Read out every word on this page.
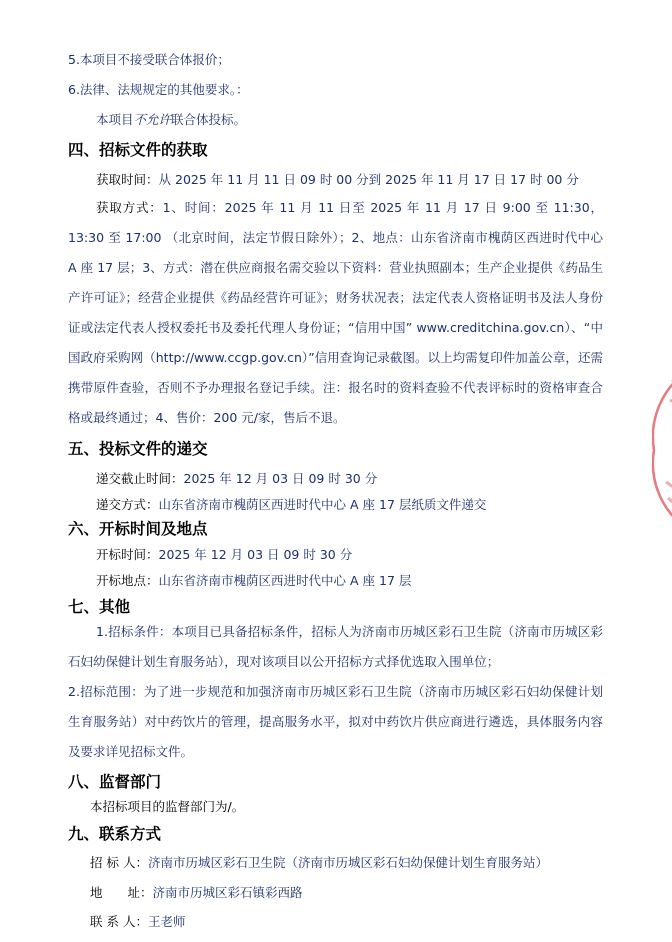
5.本项目不接受联合体报价；
6.法律、法规规定的其他要求。：
本项目不允许联合体投标。
四、招标文件的获取
获取时间：从 2025 年 11 月 11 日 09 时 00 分到 2025 年 11 月 17 日 17 时 00 分
获取方式：1、时间：2025 年 11 月 11 日至 2025 年 11 月 17 日 9:00 至 11:30，13:30 至 17:00 （北京时间，法定节假日除外）；2、地点：山东省济南市槐荫区西进时代中心 A 座 17 层；3、方式：潜在供应商报名需交验以下资料：营业执照副本；生产企业提供《药品生产许可证》；经营企业提供《药品经营许可证》；财务状况表；法定代表人资格证明书及法人身份证或法定代表人授权委托书及委托代理人身份证；“信用中国” www.creditchina.gov.cn）、“中国政府采购网（http://www.ccgp.gov.cn）”信用查询记录截图。以上均需复印件加盖公章，还需携带原件查验，否则不予办理报名登记手续。注：报名时的资料查验不代表评标时的资格审查合格或最终通过；4、售价：200 元/家，售后不退。
五、投标文件的递交
递交截止时间：2025 年 12 月 03 日 09 时 30 分
递交方式：山东省济南市槐荫区西进时代中心 A 座 17 层纸质文件递交
六、开标时间及地点
开标时间：2025 年 12 月 03 日 09 时 30 分
开标地点：山东省济南市槐荫区西进时代中心 A 座 17 层
七、其他
1.招标条件：本项目已具备招标条件，招标人为济南市历城区彩石卫生院（济南市历城区彩石妇幼保健计划生育服务站），现对该项目以公开招标方式择优选取入围单位；
2.招标范围：为了进一步规范和加强济南市历城区彩石卫生院（济南市历城区彩石妇幼保健计划生育服务站）对中药饮片的管理，提高服务水平，拟对中药饮片供应商进行遴选，具体服务内容及要求详见招标文件。
八、监督部门
本招标项目的监督部门为/。
九、联系方式
招 标 人：济南市历城区彩石卫生院（济南市历城区彩石妇幼保健计划生育服务站）
地　　址：济南市历城区彩石镇彩西路
联 系 人：王老师
